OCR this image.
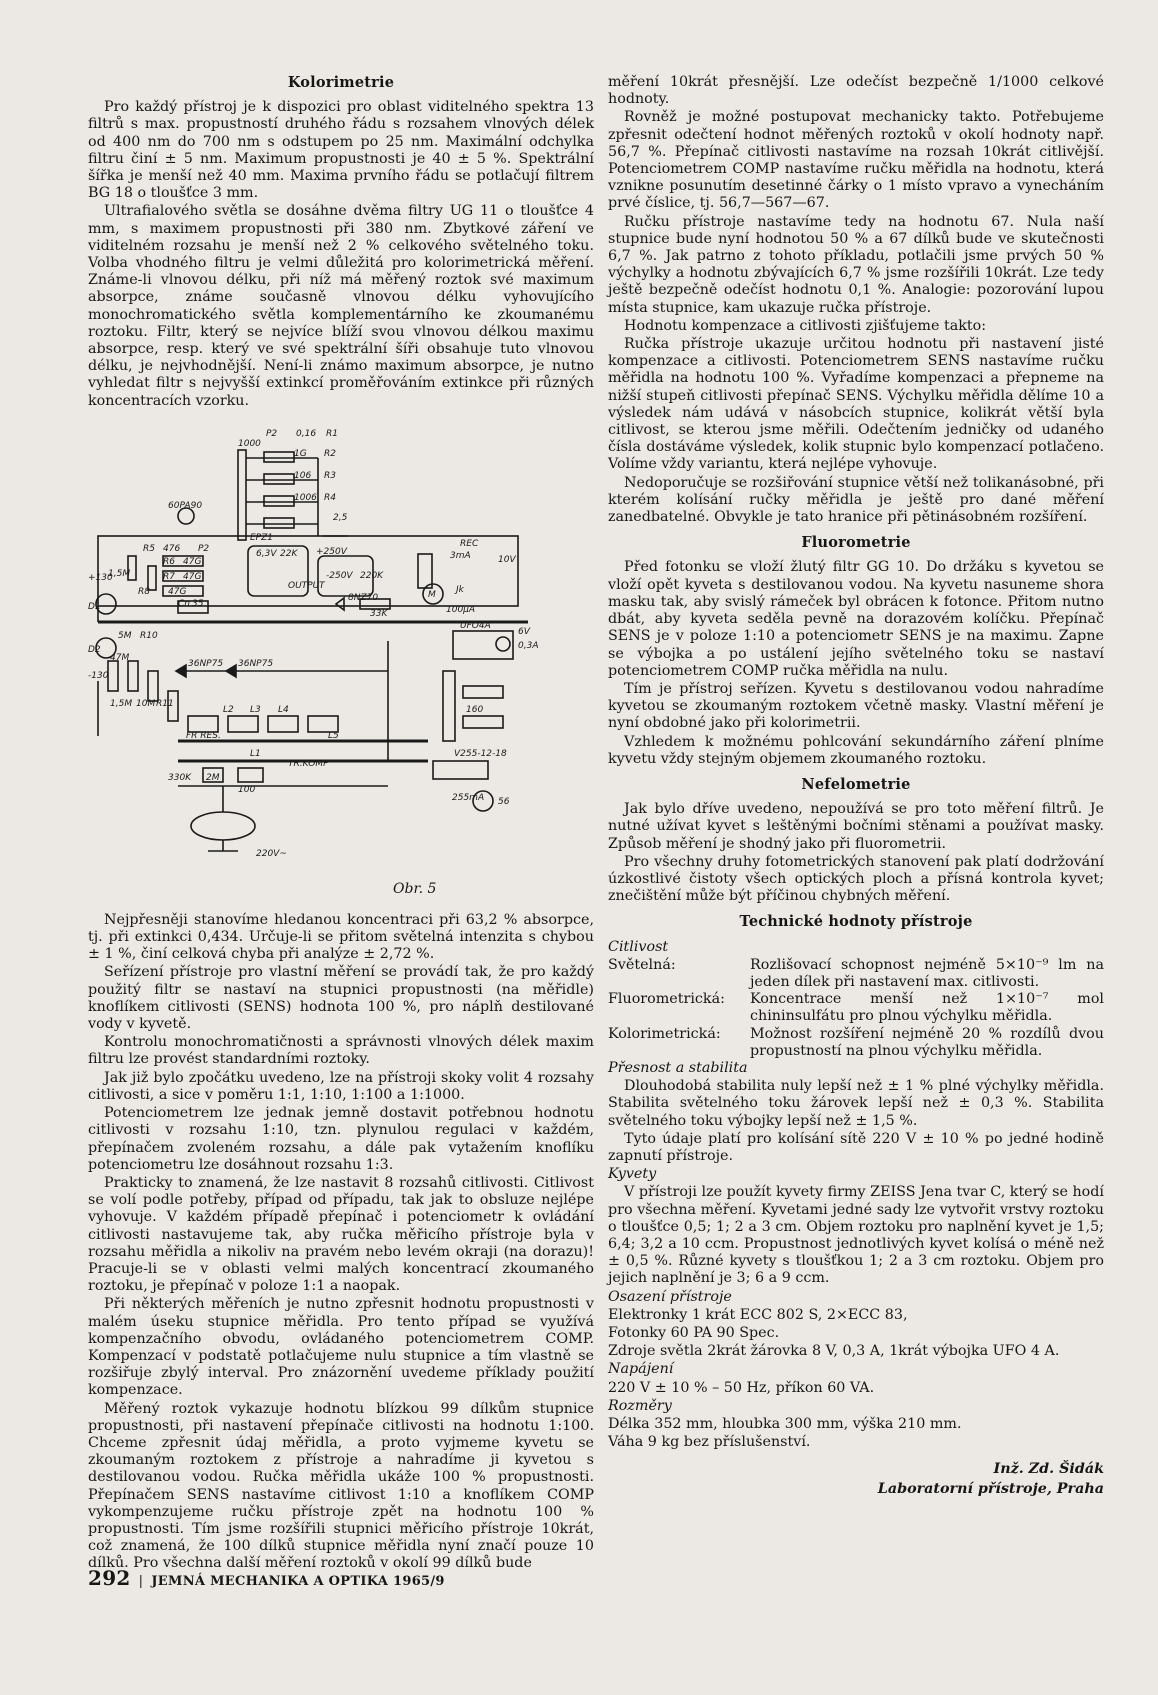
Kolorimetrie

Pro každý přístroj je k dispozici pro oblast viditelného spektra 13 filtrů s max. propustností druhého řádu s rozsahem vlnových délek od 400 nm do 700 nm s odstupem po 25 nm. Maximální odchylka filtru činí ± 5 nm. Maximum propustnosti je 40 ± 5 %. Spektrální šířka je menší než 40 mm. Maxima prvního řádu se potlačují filtrem BG 18 o tloušťce 3 mm.

Ultrafialového světla se dosáhne dvěma filtry UG 11 o tloušťce 4 mm, s maximem propustnosti při 380 nm. Zbytkové záření ve viditelném rozsahu je menší než 2 % celkového světelného toku. Volba vhodného filtru je velmi důležitá pro kolorimetrická měření. Známe-li vlnovou délku, při níž má měřený roztok své maximum absorpce, známe současně vlnovou délku vyhovujícího monochromatického světla komplementárního ke zkoumanému roztoku. Filtr, který se nejvíce blíží svou vlnovou délkou maximu absorpce, resp. který ve své spektrální šíři obsahuje tuto vlnovou délku, je nejvhodnější. Není-li známo maximum absorpce, je nutno vyhledat filtr s nejvyšší extinkcí proměřováním extinkce při různých koncentracích vzorku.

1000
P2 0,16 R1
1G R2
106 R3
1006 R4
2,5
60PA90
R5 476 P2
EPZ1
1,5M
R6 47G
6,3V 22K +250V
R7 47G	-250V 220K
OUTPUT
REC
3mA	10V
+130
R8 47G
Cn 35
8NZ70
33K
M Jk
100μA
D1
5M R10
UFO4A
6V
0,3A
D2
47M
-130
1,5M 10M R11
36NP75 36NP75
L2 L3 L4
L5
160
V255-12-18
FR RES.
L1
TR.KOMP
330K 2M
100
255mA 56
220V~
Obr. 5

Nejpřesněji stanovíme hledanou koncentraci při 63,2 % absorpce, tj. při extinkci 0,434. Určuje-li se přitom světelná intenzita s chybou ± 1 %, činí celková chyba při analýze ± 2,72 %.

Seřízení přístroje pro vlastní měření se provádí tak, že pro každý použitý filtr se nastaví na stupnici propustnosti (na měřidle) knoflíkem citlivosti (SENS) hodnota 100 %, pro náplň destilované vody v kyvetě.

Kontrolu monochromatičnosti a správnosti vlnových délek maxim filtru lze provést standardními roztoky.

Jak již bylo zpočátku uvedeno, lze na přístroji skoky volit 4 rozsahy citlivosti, a sice v poměru 1:1, 1:10, 1:100 a 1:1000.

Potenciometrem lze jednak jemně dostavit potřebnou hodnotu citlivosti v rozsahu 1:10, tzn. plynulou regulaci v každém, přepínačem zvoleném rozsahu, a dále pak vytažením knoflíku potenciometru lze dosáhnout rozsahu 1:3.

Prakticky to znamená, že lze nastavit 8 rozsahů citlivosti. Citlivost se volí podle potřeby, případ od případu, tak jak to obsluze nejlépe vyhovuje. V každém případě přepínač i potenciometr k ovládání citlivosti nastavujeme tak, aby ručka měřicího přístroje byla v rozsahu měřidla a nikoliv na pravém nebo levém okraji (na dorazu)! Pracuje-li se v oblasti velmi malých koncentrací zkoumaného roztoku, je přepínač v poloze 1:1 a naopak.

Při některých měřeních je nutno zpřesnit hodnotu propustnosti v malém úseku stupnice měřidla. Pro tento případ se využívá kompenzačního obvodu, ovládaného potenciometrem COMP. Kompenzací v podstatě potlačujeme nulu stupnice a tím vlastně se rozšiřuje zbylý interval. Pro znázornění uvedeme příklady použití kompenzace.

Měřený roztok vykazuje hodnotu blízkou 99 dílkům stupnice propustnosti, při nastavení přepínače citlivosti na hodnotu 1:100. Chceme zpřesnit údaj měřidla, a proto vyjmeme kyvetu se zkoumaným roztokem z přístroje a nahradíme ji kyvetou s destilovanou vodou. Ručka měřidla ukáže 100 % propustnosti. Přepínačem SENS nastavíme citlivost 1:10 a knoflíkem COMP vykompenzujeme ručku přístroje zpět na hodnotu 100 % propustnosti. Tím jsme rozšířili stupnici měřicího přístroje 10krát, což znamená, že 100 dílků stupnice měřidla nyní značí pouze 10 dílků. Pro všechna další měření roztoků v okolí 99 dílků bude

měření 10krát přesnější. Lze odečíst bezpečně 1/1000 celkové hodnoty.

Rovněž je možné postupovat mechanicky takto. Potřebujeme zpřesnit odečtení hodnot měřených roztoků v okolí hodnoty např. 56,7 %. Přepínač citlivosti nastavíme na rozsah 10krát citlivější. Potenciometrem COMP nastavíme ručku měřidla na hodnotu, která vznikne posunutím desetinné čárky o 1 místo vpravo a vynecháním prvé číslice, tj. 56,7—567—67.

Ručku přístroje nastavíme tedy na hodnotu 67. Nula naší stupnice bude nyní hodnotou 50 % a 67 dílků bude ve skutečnosti 6,7 %. Jak patrno z tohoto příkladu, potlačili jsme prvých 50 % výchylky a hodnotu zbývajících 6,7 % jsme rozšířili 10krát. Lze tedy ještě bezpečně odečíst hodnotu 0,1 %. Analogie: pozorování lupou místa stupnice, kam ukazuje ručka přístroje.

Hodnotu kompenzace a citlivosti zjišťujeme takto:

Ručka přístroje ukazuje určitou hodnotu při nastavení jisté kompenzace a citlivosti. Potenciometrem SENS nastavíme ručku měřidla na hodnotu 100 %. Vyřadíme kompenzaci a přepneme na nižší stupeň citlivosti přepínač SENS. Výchylku měřidla dělíme 10 a výsledek nám udává v násobcích stupnice, kolikrát větší byla citlivost, se kterou jsme měřili. Odečtením jedničky od udaného čísla dostáváme výsledek, kolik stupnic bylo kompenzací potlačeno. Volíme vždy variantu, která nejlépe vyhovuje.

Nedoporučuje se rozšiřování stupnice větší než tolikanásobné, při kterém kolísání ručky měřidla je ještě pro dané měření zanedbatelné. Obvykle je tato hranice při pětinásobném rozšíření.

Fluorometrie

Před fotonku se vloží žlutý filtr GG 10. Do držáku s kyvetou se vloží opět kyveta s destilovanou vodou. Na kyvetu nasuneme shora masku tak, aby svislý rámeček byl obrácen k fotonce. Přitom nutno dbát, aby kyveta seděla pevně na dorazovém kolíčku. Přepínač SENS je v poloze 1:10 a potenciometr SENS je na maximu. Zapne se výbojka a po ustálení jejího světelného toku se nastaví potenciometrem COMP ručka měřidla na nulu.

Tím je přístroj seřízen. Kyvetu s destilovanou vodou nahradíme kyvetou se zkoumaným roztokem včetně masky. Vlastní měření je nyní obdobné jako při kolorimetrii.

Vzhledem k možnému pohlcování sekundárního záření plníme kyvetu vždy stejným objemem zkoumaného roztoku.

Nefelometrie

Jak bylo dříve uvedeno, nepoužívá se pro toto měření filtrů. Je nutné užívat kyvet s leštěnými bočními stěnami a používat masky. Způsob měření je shodný jako při fluorometrii.

Pro všechny druhy fotometrických stanovení pak platí dodržování úzkostlivé čistoty všech optických ploch a přísná kontrola kyvet; znečištění může být příčinou chybných měření.

Technické hodnoty přístroje

Citlivost

Světelná:	Rozlišovací schopnost nejméně 5×10⁻⁹ lm na jeden dílek při nastavení max. citlivosti.
Fluorometrická:	Koncentrace menší než 1×10⁻⁷ mol chininsulfátu pro plnou výchylku měřidla.
Kolorimetrická:	Možnost rozšíření nejméně 20 % rozdílů dvou propustností na plnou výchylku měřidla.

Přesnost a stabilita

Dlouhodobá stabilita nuly lepší než ± 1 % plné výchylky měřidla. Stabilita světelného toku žárovek lepší než ± 0,3 %. Stabilita světelného toku výbojky lepší než ± 1,5 %.

Tyto údaje platí pro kolísání sítě 220 V ± 10 % po jedné hodině zapnutí přístroje.

Kyvety

V přístroji lze použít kyvety firmy ZEISS Jena tvar C, který se hodí pro všechna měření. Kyvetami jedné sady lze vytvořit vrstvy roztoku o tloušťce 0,5; 1; 2 a 3 cm. Objem roztoku pro naplnění kyvet je 1,5; 6,4; 3,2 a 10 ccm. Propustnost jednotlivých kyvet kolísá o méně než ± 0,5 %. Různé kyvety s tloušťkou 1; 2 a 3 cm roztoku. Objem pro jejich naplnění je 3; 6 a 9 ccm.

Osazení přístroje

Elektronky 1 krát ECC 802 S, 2×ECC 83,

Fotonky 60 PA 90 Spec.

Zdroje světla 2krát žárovka 8 V, 0,3 A, 1krát výbojka UFO 4 A.

Napájení

220 V ± 10 % – 50 Hz, příkon 60 VA.

Rozměry

Délka 352 mm, hloubka 300 mm, výška 210 mm.

Váha 9 kg bez příslušenství.

Inž. Zd. Šidák
Laboratorní přístroje, Praha
292 | JEMNÁ MECHANIKA A OPTIKA 1965/9
